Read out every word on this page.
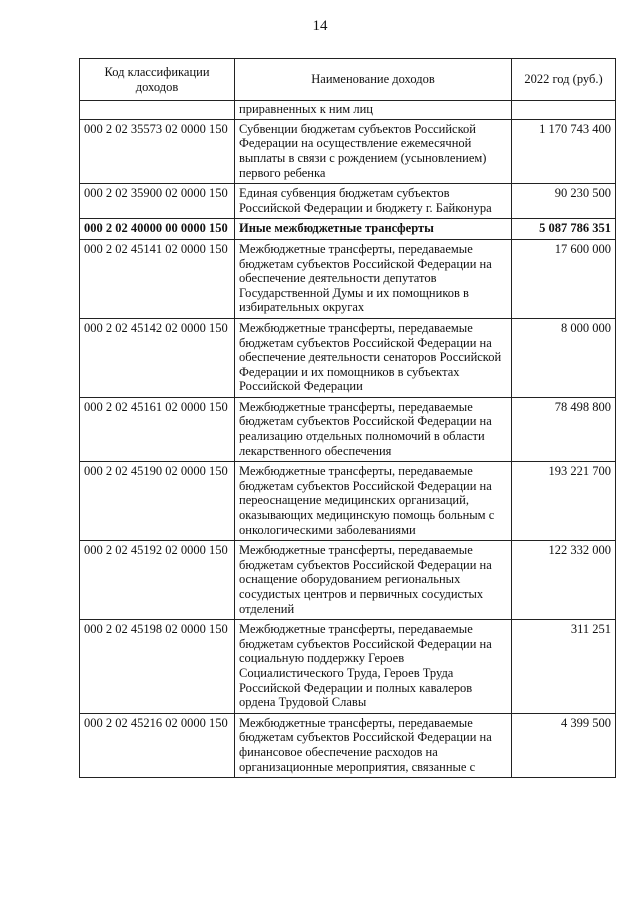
14
Код классификации доходов	Наименование доходов	2022 год (руб.)
	приравненных к ним лиц	
000 2 02 35573 02 0000 150	Субвенции бюджетам субъектов Российской Федерации на осуществление ежемесячной выплаты в связи с рождением (усыновлением) первого ребенка	1 170 743 400
000 2 02 35900 02 0000 150	Единая субвенция бюджетам субъектов Российской Федерации и бюджету г. Байконура	90 230 500
000 2 02 40000 00 0000 150	Иные межбюджетные трансферты	5 087 786 351
000 2 02 45141 02 0000 150	Межбюджетные трансферты, передаваемые бюджетам субъектов Российской Федерации на обеспечение деятельности депутатов Государственной Думы и их помощников в избирательных округах	17 600 000
000 2 02 45142 02 0000 150	Межбюджетные трансферты, передаваемые бюджетам субъектов Российской Федерации на обеспечение деятельности сенаторов Российской Федерации и их помощников в субъектах Российской Федерации	8 000 000
000 2 02 45161 02 0000 150	Межбюджетные трансферты, передаваемые бюджетам субъектов Российской Федерации на реализацию отдельных полномочий в области лекарственного обеспечения	78 498 800
000 2 02 45190 02 0000 150	Межбюджетные трансферты, передаваемые бюджетам субъектов Российской Федерации на переоснащение медицинских организаций, оказывающих медицинскую помощь больным с онкологическими заболеваниями	193 221 700
000 2 02 45192 02 0000 150	Межбюджетные трансферты, передаваемые бюджетам субъектов Российской Федерации на оснащение оборудованием региональных сосудистых центров и первичных сосудистых отделений	122 332 000
000 2 02 45198 02 0000 150	Межбюджетные трансферты, передаваемые бюджетам субъектов Российской Федерации на социальную поддержку Героев Социалистического Труда, Героев Труда Российской Федерации и полных кавалеров ордена Трудовой Славы	311 251
000 2 02 45216 02 0000 150	Межбюджетные трансферты, передаваемые бюджетам субъектов Российской Федерации на финансовое обеспечение расходов на организационные мероприятия, связанные с	4 399 500
